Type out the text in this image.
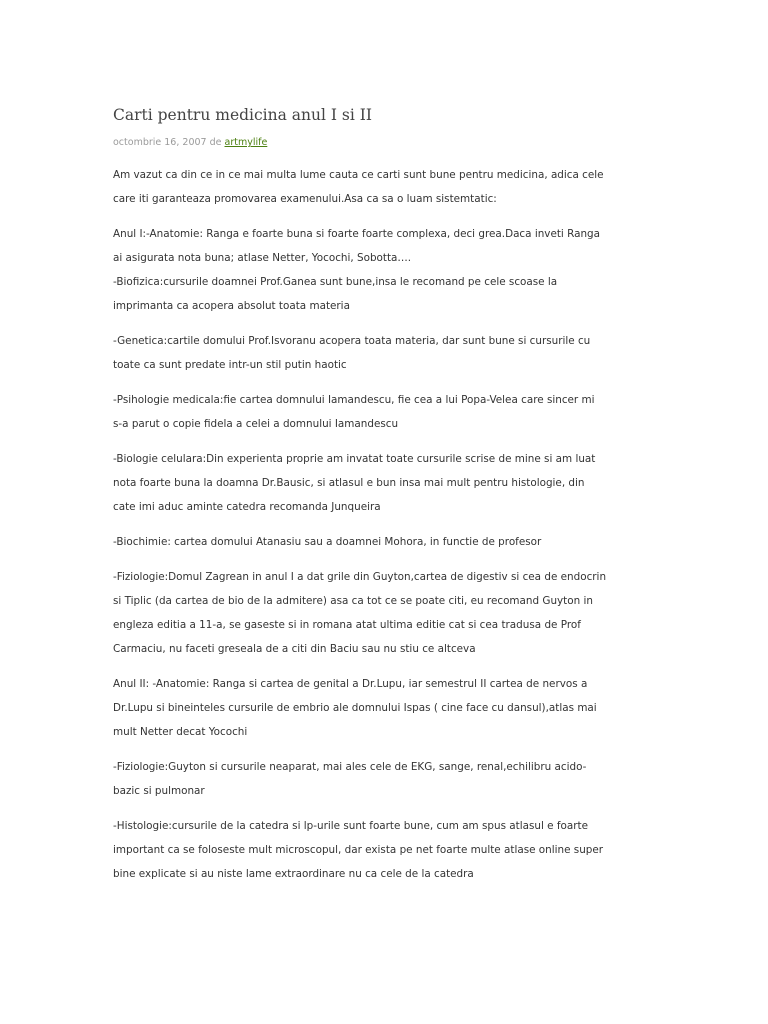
Carti pentru medicina anul I si II
octombrie 16, 2007 de artmylife

Am vazut ca din ce in ce mai multa lume cauta ce carti sunt bune pentru medicina, adica cele
care iti garanteaza promovarea examenului.Asa ca sa o luam sistemtatic:

Anul I:-Anatomie: Ranga e foarte buna si foarte foarte complexa, deci grea.Daca inveti Ranga
ai asigurata nota buna; atlase Netter, Yocochi, Sobotta….
-Biofizica:cursurile doamnei Prof.Ganea sunt bune,insa le recomand pe cele scoase la
imprimanta ca acopera absolut toata materia

-Genetica:cartile domului Prof.Isvoranu acopera toata materia, dar sunt bune si cursurile cu
toate ca sunt predate intr-un stil putin haotic

-Psihologie medicala:fie cartea domnului Iamandescu, fie cea a lui Popa-Velea care sincer mi
s-a parut o copie fidela a celei a domnului Iamandescu

-Biologie celulara:Din experienta proprie am invatat toate cursurile scrise de mine si am luat
nota foarte buna la doamna Dr.Bausic, si atlasul e bun insa mai mult pentru histologie, din
cate imi aduc aminte catedra recomanda Junqueira

-Biochimie: cartea domului Atanasiu sau a doamnei Mohora, in functie de profesor

-Fiziologie:Domul Zagrean in anul I a dat grile din Guyton,cartea de digestiv si cea de endocrin
si Tiplic (da cartea de bio de la admitere) asa ca tot ce se poate citi, eu recomand Guyton in
engleza editia a 11-a, se gaseste si in romana atat ultima editie cat si cea tradusa de Prof
Carmaciu, nu faceti greseala de a citi din Baciu sau nu stiu ce altceva

Anul II: -Anatomie: Ranga si cartea de genital a Dr.Lupu, iar semestrul II cartea de nervos a
Dr.Lupu si bineinteles cursurile de embrio ale domnului Ispas ( cine face cu dansul),atlas mai
mult Netter decat Yocochi

-Fiziologie:Guyton si cursurile neaparat, mai ales cele de EKG, sange, renal,echilibru acido-
bazic si pulmonar

-Histologie:cursurile de la catedra si lp-urile sunt foarte bune, cum am spus atlasul e foarte
important ca se foloseste mult microscopul, dar exista pe net foarte multe atlase online super
bine explicate si au niste lame extraordinare nu ca cele de la catedra
